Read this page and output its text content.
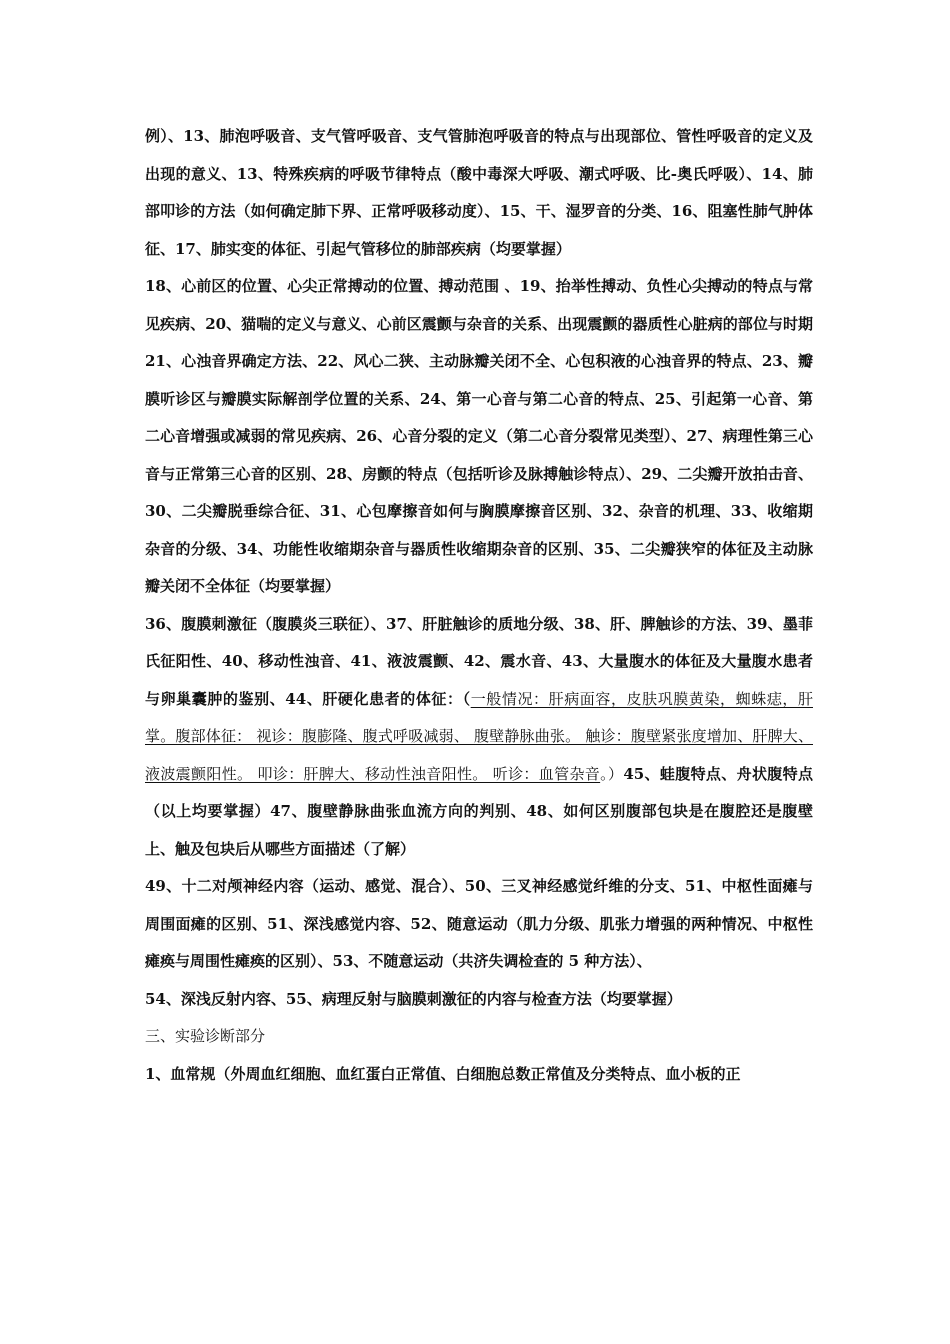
例）、13、肺泡呼吸音、支气管呼吸音、支气管肺泡呼吸音的特点与出现部位、管性呼吸音的定义及出现的意义、13、特殊疾病的呼吸节律特点（酸中毒深大呼吸、潮式呼吸、比-奥氏呼吸）、14、肺部叩诊的方法（如何确定肺下界、正常呼吸移动度）、15、干、湿罗音的分类、16、阻塞性肺气肿体征、17、肺实变的体征、引起气管移位的肺部疾病（均要掌握）

18、心前区的位置、心尖正常搏动的位置、搏动范围 、19、抬举性搏动、负性心尖搏动的特点与常见疾病、20、猫喘的定义与意义、心前区震颤与杂音的关系、出现震颤的器质性心脏病的部位与时期 21、心浊音界确定方法、22、风心二狭、主动脉瓣关闭不全、心包积液的心浊音界的特点、23、瓣膜听诊区与瓣膜实际解剖学位置的关系、24、第一心音与第二心音的特点、25、引起第一心音、第二心音增强或减弱的常见疾病、26、心音分裂的定义（第二心音分裂常见类型）、27、病理性第三心音与正常第三心音的区别、28、房颤的特点（包括听诊及脉搏触诊特点）、29、二尖瓣开放拍击音、30、二尖瓣脱垂综合征、31、心包摩擦音如何与胸膜摩擦音区别、32、杂音的机理、33、收缩期杂音的分级、34、功能性收缩期杂音与器质性收缩期杂音的区别、35、二尖瓣狭窄的体征及主动脉瓣关闭不全体征（均要掌握）

36、腹膜刺激征（腹膜炎三联征）、37、肝脏触诊的质地分级、38、肝、脾触诊的方法、39、墨菲氏征阳性、40、移动性浊音、41、液波震颤、42、震水音、43、大量腹水的体征及大量腹水患者与卵巢囊肿的鉴别、44、肝硬化患者的体征：（一般情况：肝病面容，皮肤巩膜黄染，蜘蛛痣，肝掌。腹部体征： 视诊：腹膨隆、腹式呼吸减弱、 腹壁静脉曲张。 触诊：腹壁紧张度增加、肝脾大、 液波震颤阳性。 叩诊：肝脾大、移动性浊音阳性。 听诊：血管杂音。）45、蛙腹特点、舟状腹特点（以上均要掌握）47、腹壁静脉曲张血流方向的判别、48、如何区别腹部包块是在腹腔还是腹壁上、触及包块后从哪些方面描述（了解）

49、十二对颅神经内容（运动、感觉、混合）、50、三叉神经感觉纤维的分支、51、中枢性面瘫与周围面瘫的区别、51、深浅感觉内容、52、随意运动（肌力分级、肌张力增强的两种情况、中枢性瘫痪与周围性瘫痪的区别）、53、不随意运动（共济失调检查的 5 种方法）、

54、深浅反射内容、55、病理反射与脑膜刺激征的内容与检查方法（均要掌握）

三、实验诊断部分

1、血常规（外周血红细胞、血红蛋白正常值、白细胞总数正常值及分类特点、血小板的正
